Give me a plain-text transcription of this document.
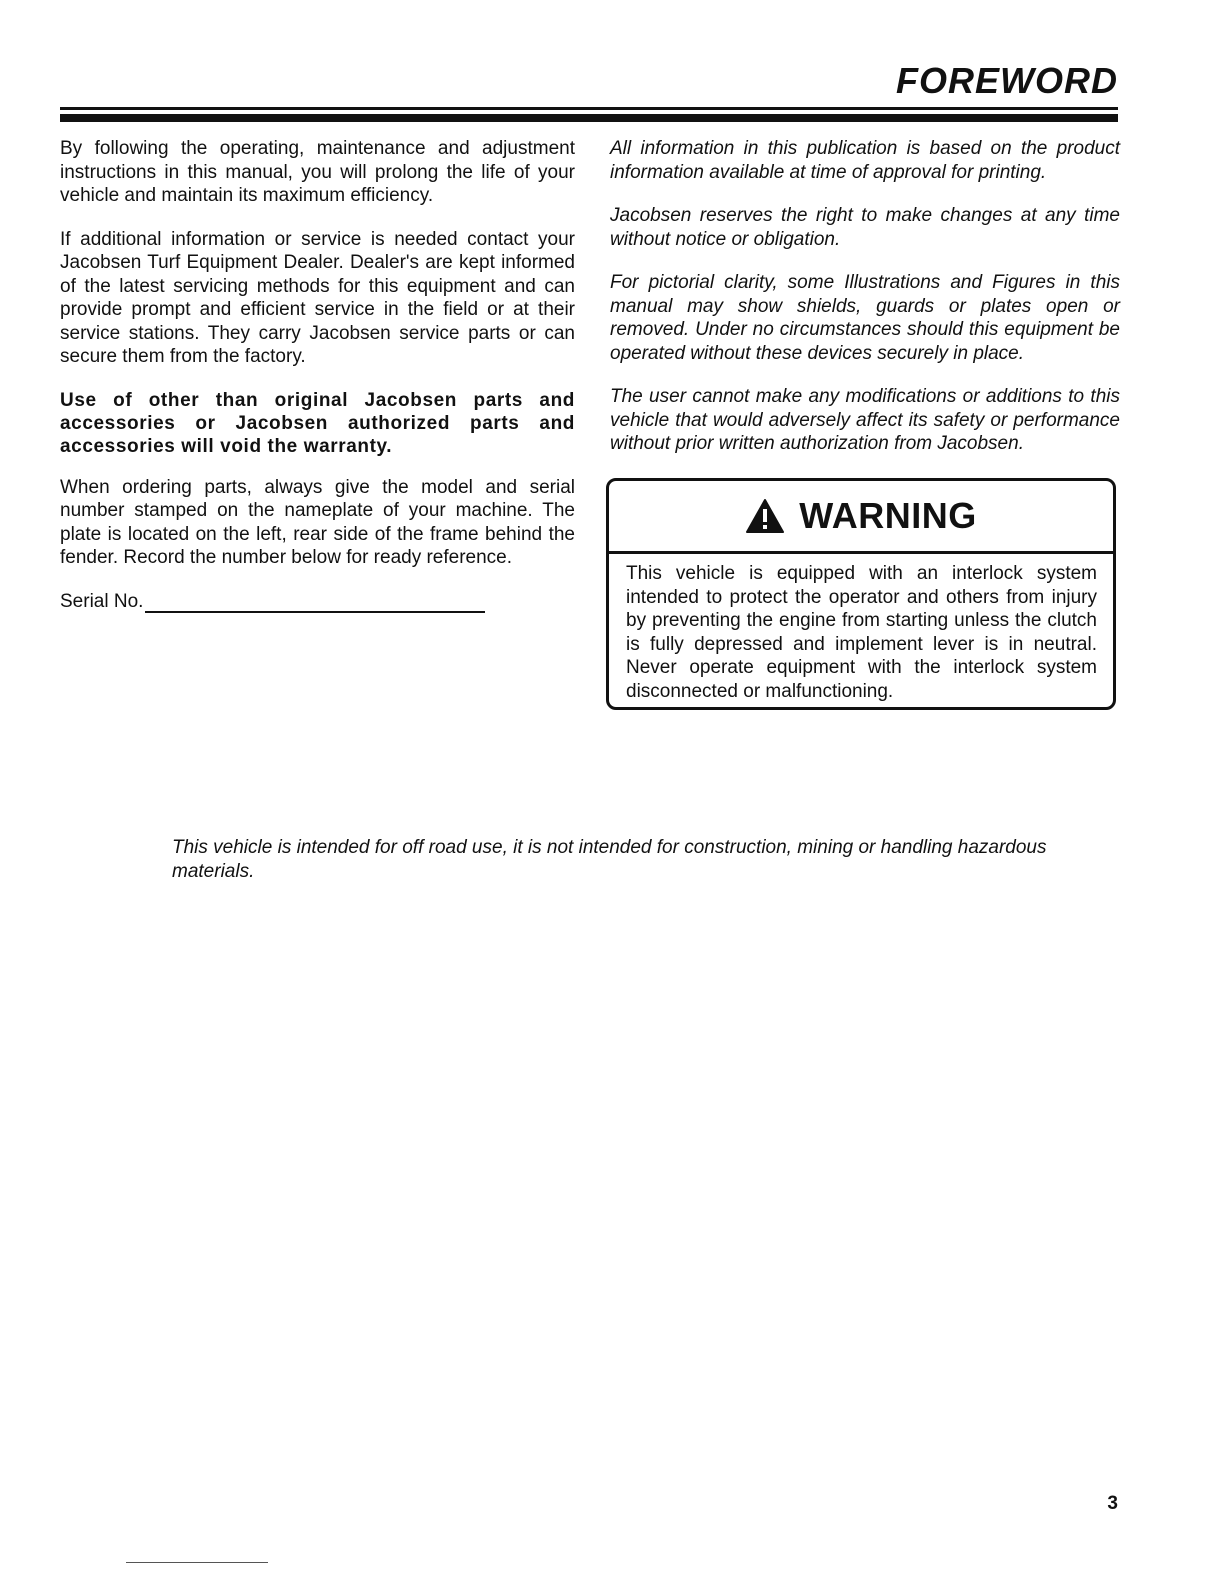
FOREWORD

By following the operating, maintenance and adjustment instructions in this manual, you will prolong the life of your vehicle and maintain its maximum efficiency.

If additional information or service is needed contact your Jacobsen Turf Equipment Dealer. Dealer's are kept informed of the latest servicing methods for this equipment and can provide prompt and efficient service in the field or at their service stations. They carry Jacobsen service parts or can secure them from the factory.

Use of other than original Jacobsen parts and accessories or Jacobsen authorized parts and accessories will void the warranty.

When ordering parts, always give the model and serial number stamped on the nameplate of your machine. The plate is located on the left, rear side of the frame behind the fender. Record the number below for ready reference.

Serial No.

All information in this publication is based on the product information available at time of approval for printing.

Jacobsen reserves the right to make changes at any time without notice or obligation.

For pictorial clarity, some Illustrations and Figures in this manual may show shields, guards or plates open or removed. Under no circumstances should this equipment be operated without these devices securely in place.

The user cannot make any modifications or additions to this vehicle that would adversely affect its safety or performance without prior written authorization from Jacobsen.

WARNING
This vehicle is equipped with an interlock system intended to protect the operator and others from injury by preventing the engine from starting unless the clutch is fully depressed and implement lever is in neutral. Never operate equipment with the interlock system disconnected or malfunctioning.
This vehicle is intended for off road use, it is not intended for construction, mining or handling hazardous materials.
3
